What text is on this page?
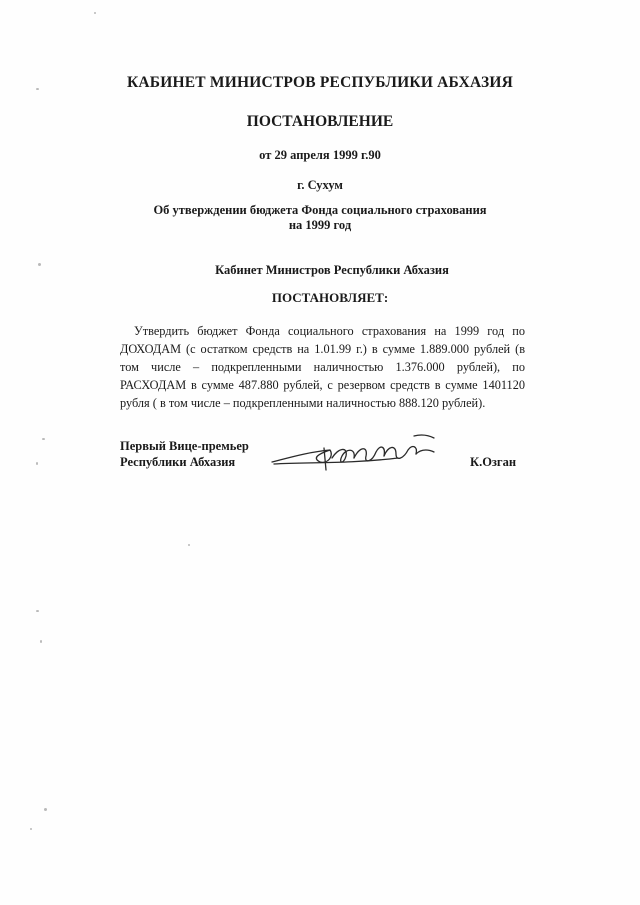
КАБИНЕТ МИНИСТРОВ РЕСПУБЛИКИ АБХАЗИЯ
ПОСТАНОВЛЕНИЕ
от 29 апреля 1999 г.90
г. Сухум
Об утверждении бюджета Фонда социального страхования
на 1999 год
Кабинет Министров Республики Абхазия
ПОСТАНОВЛЯЕТ:
Утвердить бюджет Фонда социального страхования на 1999 год по ДОХОДАМ (с остатком средств на 1.01.99 г.) в сумме 1.889.000 рублей (в том числе – подкрепленными наличностью 1.376.000 рублей), по РАСХОДАМ в сумме 487.880 рублей, с резервом средств в сумме 1401120 рубля ( в том числе – подкрепленными наличностью 888.120 рублей).
Первый Вице-премьер
Республики Абхазия	К.Озган
